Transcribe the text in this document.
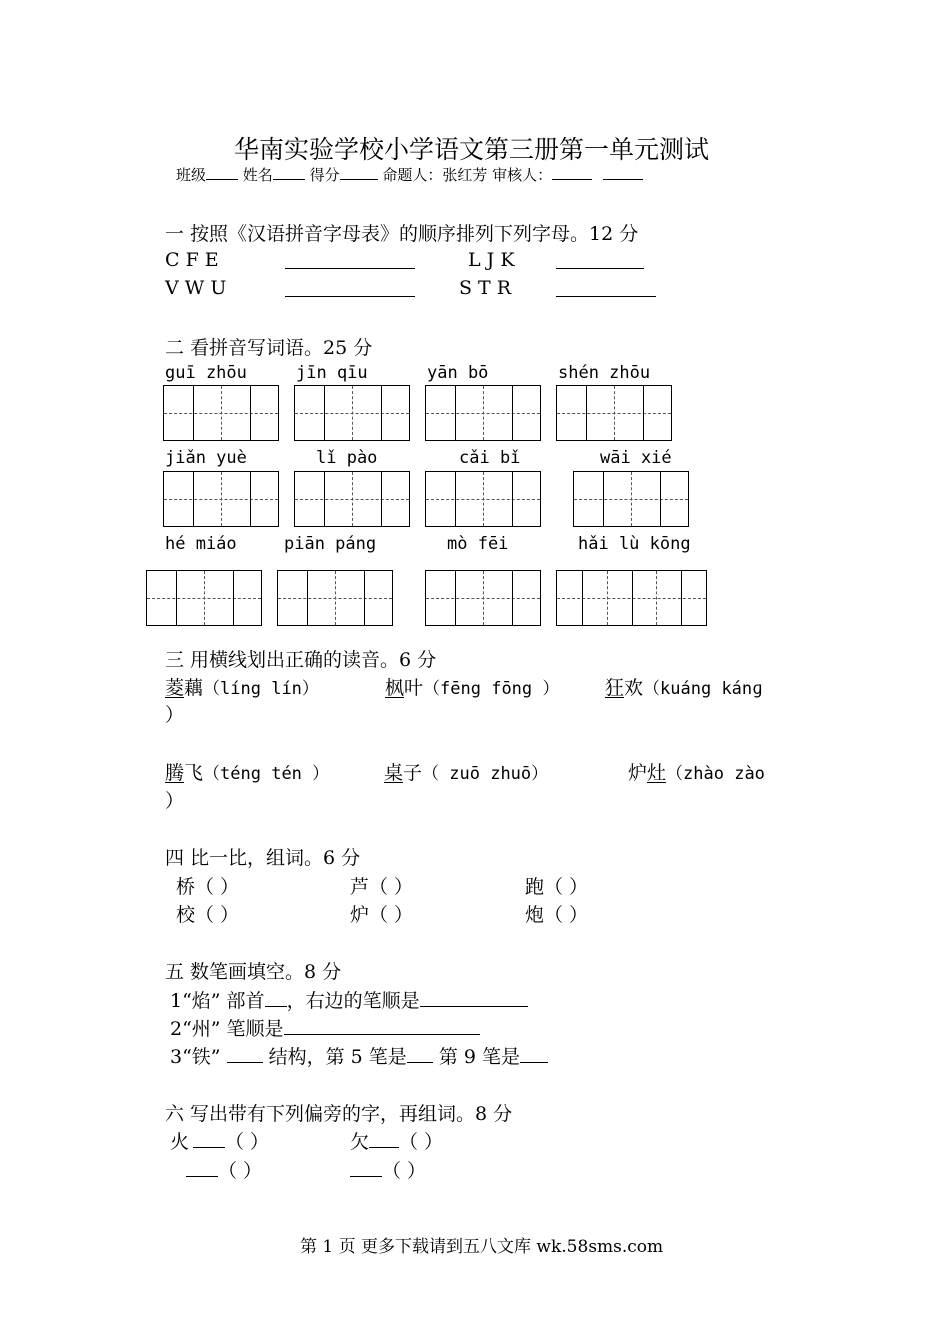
华南实验学校小学语文第三册第一单元测试
班级 姓名 得分	命题人：张红芳 审核人：
一 按照《汉语拼音字母表》的顺序排列下列字母。12 分
C F E	L J K
V W U	S T R
二 看拼音写词语。25 分
guī zhōu	jīn qīu	yān bō	shén zhōu
jiǎn yuè	lǐ pào	cǎi bǐ	wāi xié
hé miáo	piān páng	mò fēi	hǎi lù kōng
三 用横线划出正确的读音。6 分
菱藕（líng lín）	枫叶（fēng fōng ） 狂欢（kuáng kánɡ
）
腾飞（téng tén ）	桌子（ zuō zhuō）	炉灶（zhào zào
）
四 比一比，组词。6 分
桥（ ）	芦（ ）	跑（ ）
校（ ）	炉（ ）	炮（ ）
五 数笔画填空。8 分
1“焰” 部首 ，右边的笔顺是
2“州” 笔顺是
3“铁”	结构，第 5 笔是 第 9 笔是
六 写出带有下列偏旁的字，再组词。8 分
火 （ ）	欠 （ ）
（ ）	（ ）
第 1 页 更多下载请到五八文库 wk.58sms.com
